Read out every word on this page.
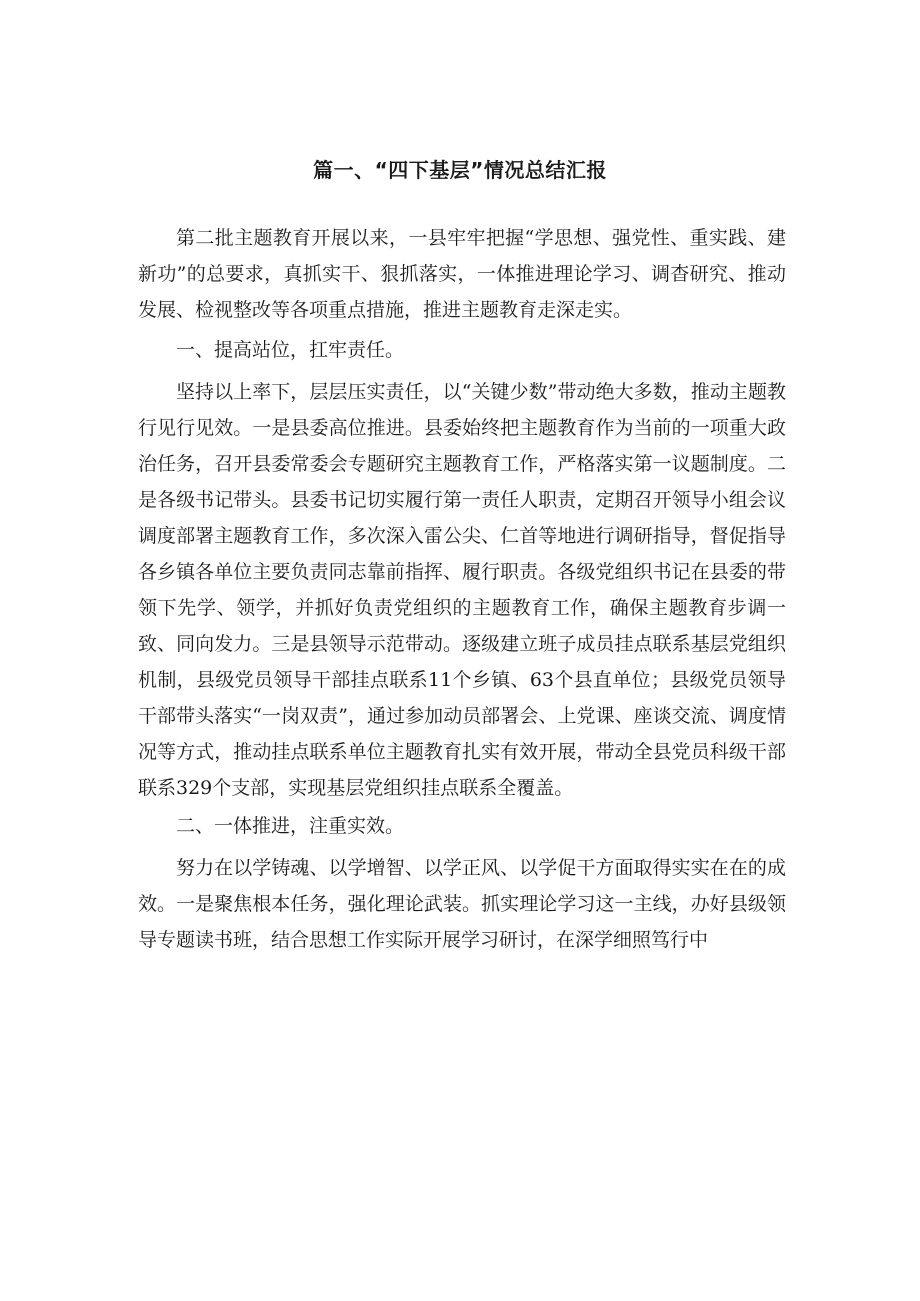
篇一、“四下基层”情况总结汇报

第二批主题教育开展以来，一县牢牢把握“学思想、强党性、重实践、建新功”的总要求，真抓实干、狠抓落实，一体推进理论学习、调杳研究、推动发展、检视整改等各项重点措施，推进主题教育走深走实。

一、提高站位，扛牢责任。

坚持以上率下，层层压实责任，以“关键少数”带动绝大多数，推动主题教行见行见效。一是县委高位推进。县委始终把主题教育作为当前的一项重大政治任务，召开县委常委会专题研究主题教育工作，严格落实第一议题制度。二是各级书记带头。县委书记切实履行第一责任人职责，定期召开领导小组会议调度部署主题教育工作，多次深入雷公尖、仁首等地进行调研指导，督促指导各乡镇各单位主要负责同志靠前指挥、履行职责。各级党组织书记在县委的带领下先学、领学，并抓好负责党组织的主题教育工作，确保主题教育步调一致、同向发力。三是县领导示范带动。逐级建立班子成员挂点联系基层党组织机制，县级党员领导干部挂点联系11个乡镇、63个县直单位；县级党员领导干部带头落实“一岗双责”，通过参加动员部署会、上党课、座谈交流、调度情况等方式，推动挂点联系单位主题教育扎实有效开展，带动全县党员科级干部联系329个支部，实现基层党组织挂点联系全覆盖。

二、一体推进，注重实效。

努力在以学铸魂、以学增智、以学正风、以学促干方面取得实实在在的成效。一是聚焦根本任务，强化理论武装。抓实理论学习这一主线，办好县级领导专题读书班，结合思想工作实际开展学习研讨，在深学细照笃行中
